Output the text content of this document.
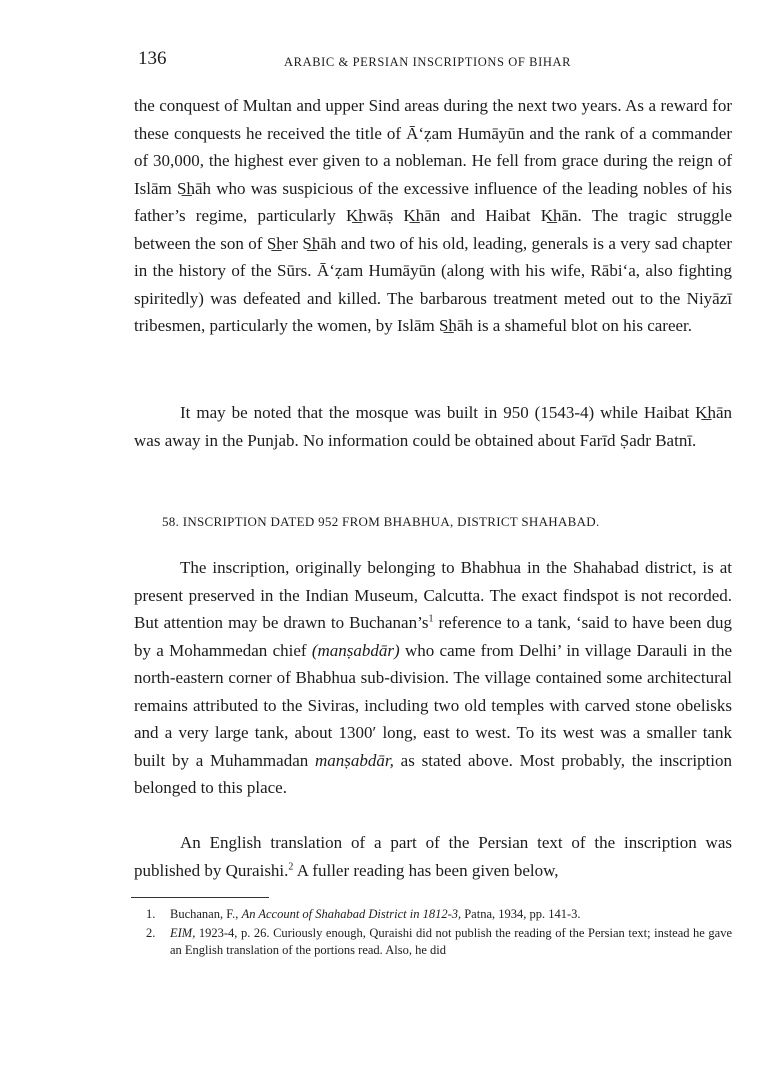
136	ARABIC & PERSIAN INSCRIPTIONS OF BIHAR

the conquest of Multan and upper Sind areas during the next two years. As a reward for these conquests he received the title of Ā‘ẓam Humāyūn and the rank of a commander of 30,000, the highest ever given to a nobleman. He fell from grace during the reign of Islām S͟hāh who was suspicious of the excessive influence of the leading nobles of his father’s regime, particularly K͟hwāṣ K͟hān and Haibat K͟hān. The tragic struggle between the son of S͟her S͟hāh and two of his old, leading, generals is a very sad chapter in the history of the Sūrs. Ā‘ẓam Humāyūn (along with his wife, Rābi‘a, also fighting spiritedly) was defeated and killed. The barbarous treatment meted out to the Niyāzī tribesmen, particularly the women, by Islām S͟hāh is a shameful blot on his career.

It may be noted that the mosque was built in 950 (1543-4) while Haibat K͟hān was away in the Punjab. No information could be obtained about Farīd Ṣadr Batnī.

58. INSCRIPTION DATED 952 FROM BHABHUA, DISTRICT SHAHABAD.

The inscription, originally belonging to Bhabhua in the Shahabad district, is at present preserved in the Indian Museum, Calcutta. The exact findspot is not recorded. But attention may be drawn to $Buchanan’s^1$ reference to a tank, ‘said to have been dug by a Mohammedan chief (manṣabdār) who came from Delhi’ in village Darauli in the north-eastern corner of Bhabhua sub-division. The village contained some architectural remains attributed to the Siviras, including two old temples with carved stone obelisks and a very large tank, about 1300′ long, east to west. To its west was a smaller tank built by a Muhammadan manṣabdār, as stated above. Most probably, the inscription belonged to this place.

An English translation of a part of the Persian text of the inscription was published by Quraishi.$^2$ A fuller reading has been given below,

1. Buchanan, F., An Account of Shahabad District in 1812-3, Patna, 1934, pp. 141-3.

2. EIM, 1923-4, p. 26. Curiously enough, Quraishi did not publish the reading of the Persian text; instead he gave an English translation of the portions read. Also, he did
